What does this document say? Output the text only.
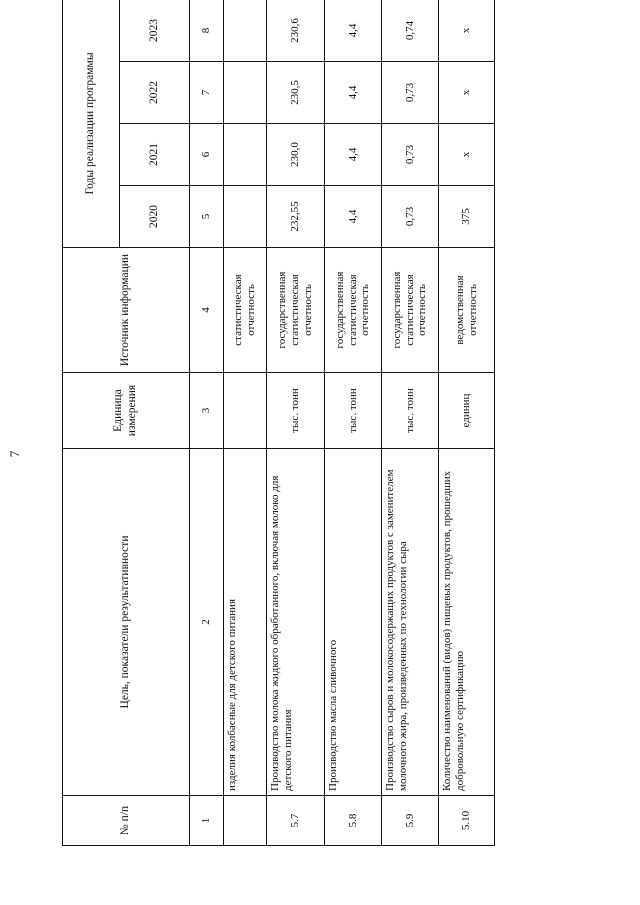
7
№ п/п	Цель, показатели результативности	Единица измерения	Источник информации	Годы реализации программы			
				2020	2021	2022	2023
1	2	3	4	5	6	7	8
	изделия колбасные для детского питания		статистическая отчетность				
5.7	Производство молока жидкого обработанного, включая молоко для детского питания	тыс. тонн	государственная статистическая отчетность	232,55	230,0	230,5	230,6
5.8	Производство масла сливочного	тыс. тонн	государственная статистическая отчетность	4,4	4,4	4,4	4,4
5.9	Производство сыров и молокосодержащих продуктов с заменителем молочного жира, произведенных по технологии сыра	тыс. тонн	государственная статистическая отчетность	0,73	0,73	0,73	0,74
5.10	Количество наименований (видов) пищевых продуктов, прошедших добровольную сертификацию	единиц	ведомственная отчетность	375	х	х	х
